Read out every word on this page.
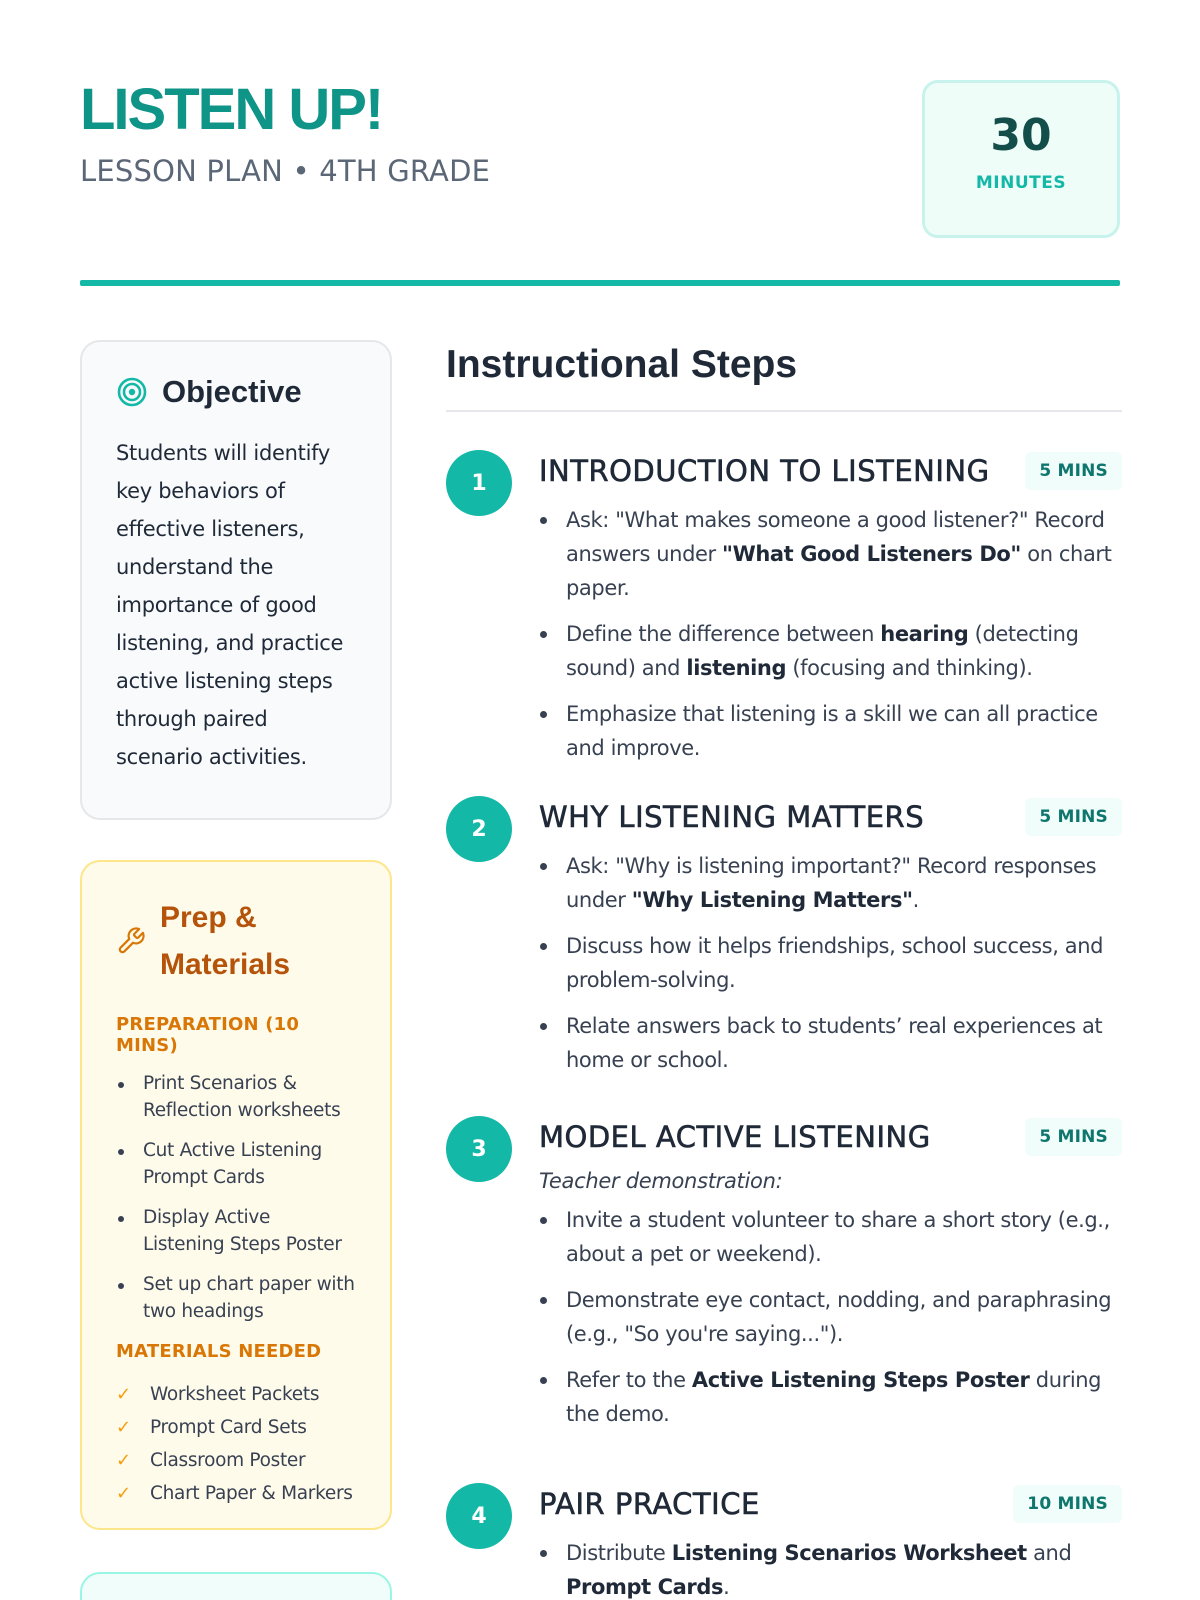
LISTEN UP!
LESSON PLAN • 4TH GRADE
30
MINUTES
Objective

Students will identify key behaviors of effective listeners, understand the importance of good listening, and practice active listening steps through paired scenario activities.

Prep &
Materials
PREPARATION (10 MINS)
Print Scenarios & Reflection worksheets
Cut Active Listening Prompt Cards
Display Active Listening Steps Poster
Set up chart paper with two headings
MATERIALS NEEDED
✓	Worksheet Packets
✓	Prompt Card Sets
✓	Classroom Poster
✓	Chart Paper & Markers
Instructional Steps
1	INTRODUCTION TO LISTENING	5 MINS
Ask: "What makes someone a good listener?" Record answers under "What Good Listeners Do" on chart paper.
Define the difference between hearing (detecting sound) and listening (focusing and thinking).
Emphasize that listening is a skill we can all practice and improve.
2	WHY LISTENING MATTERS	5 MINS
Ask: "Why is listening important?" Record responses under "Why Listening Matters".
Discuss how it helps friendships, school success, and problem-solving.
Relate answers back to students’ real experiences at home or school.
3	MODEL ACTIVE LISTENING	5 MINS
Teacher demonstration:
Invite a student volunteer to share a short story (e.g., about a pet or weekend).
Demonstrate eye contact, nodding, and paraphrasing (e.g., "So you're saying...").
Refer to the Active Listening Steps Poster during the demo.
4	PAIR PRACTICE	10 MINS
Distribute Listening Scenarios Worksheet and Prompt Cards.
